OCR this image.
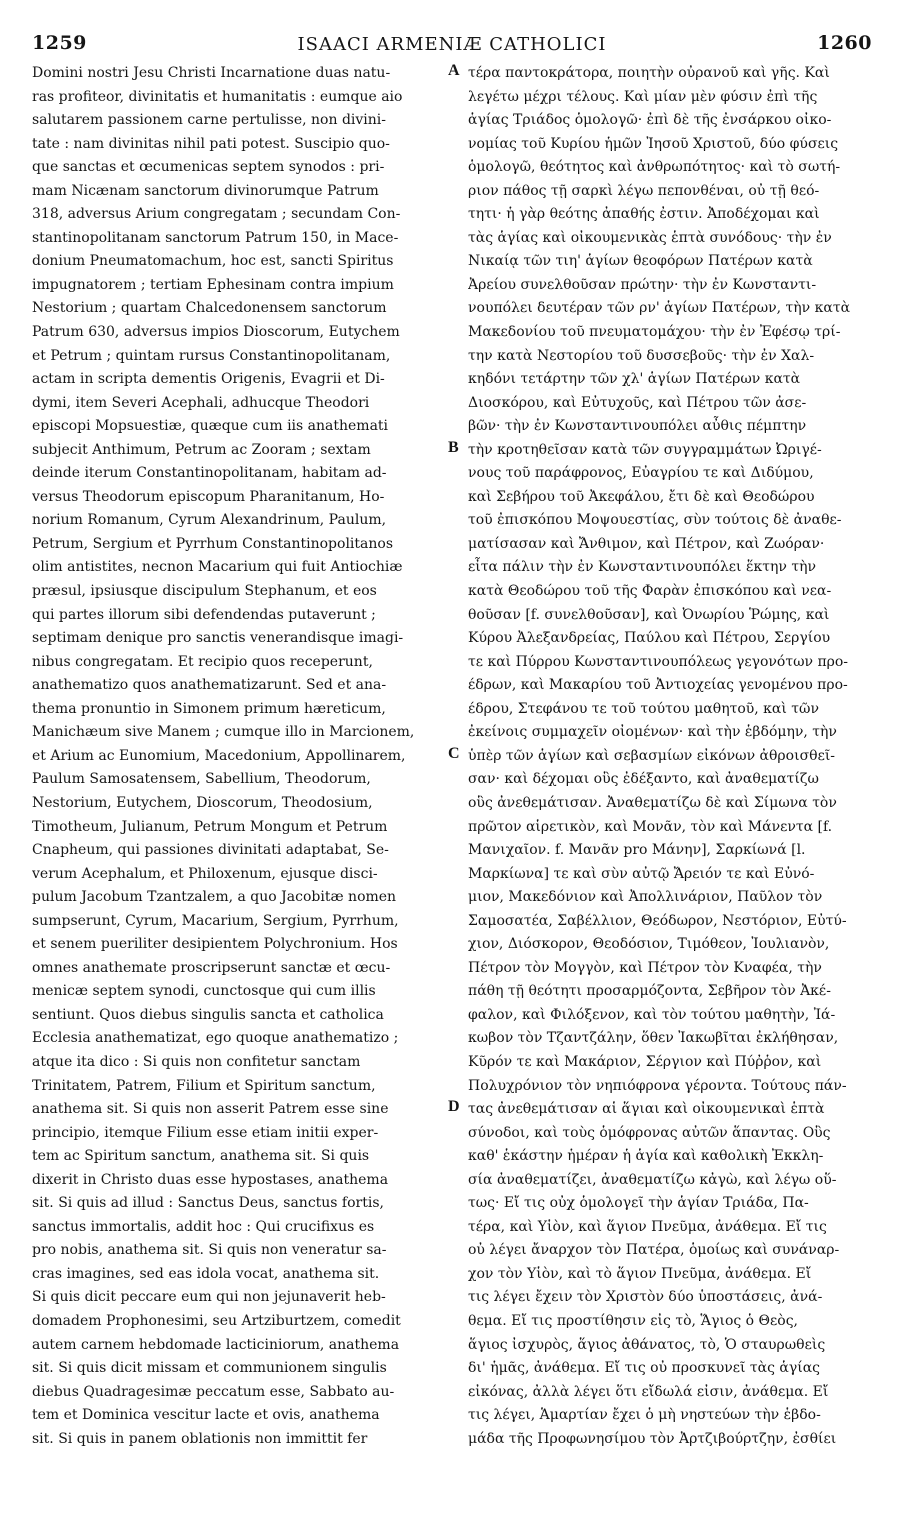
1259	ISAACI ARMENIÆ CATHOLICI	1260
Domini nostri Jesu Christi Incarnatione duas natu-
ras profiteor, divinitatis et humanitatis : eumque aio
salutarem passionem carne pertulisse, non divini-
tate : nam divinitas nihil pati potest. Suscipio quo-
que sanctas et œcumenicas septem synodos : pri-
mam Nicænam sanctorum divinorumque Patrum
318, adversus Arium congregatam ; secundam Con-
stantinopolitanam sanctorum Patrum 150, in Mace-
donium Pneumatomachum, hoc est, sancti Spiritus
impugnatorem ; tertiam Ephesinam contra impium
Nestorium ; quartam Chalcedonensem sanctorum
Patrum 630, adversus impios Dioscorum, Eutychem
et Petrum ; quintam rursus Constantinopolitanam,
actam in scripta dementis Origenis, Evagrii et Di-
dymi, item Severi Acephali, adhucque Theodori
episcopi Mopsuestiæ, quæque cum iis anathemati
subjecit Anthimum, Petrum ac Zooram ; sextam
deinde iterum Constantinopolitanam, habitam ad-
versus Theodorum episcopum Pharanitanum, Ho-
norium Romanum, Cyrum Alexandrinum, Paulum,
Petrum, Sergium et Pyrrhum Constantinopolitanos
olim antistites, necnon Macarium qui fuit Antiochiæ
præsul, ipsiusque discipulum Stephanum, et eos
qui partes illorum sibi defendendas putaverunt ;
septimam denique pro sanctis venerandisque imagi-
nibus congregatam. Et recipio quos receperunt,
anathematizo quos anathematizarunt. Sed et ana-
thema pronuntio in Simonem primum hæreticum,
Manichæum sive Manem ; cumque illo in Marcionem,
et Arium ac Eunomium, Macedonium, Appollinarem,
Paulum Samosatensem, Sabellium, Theodorum,
Nestorium, Eutychem, Dioscorum, Theodosium,
Timotheum, Julianum, Petrum Mongum et Petrum
Cnapheum, qui passiones divinitati adaptabat, Se-
verum Acephalum, et Philoxenum, ejusque disci-
pulum Jacobum Tzantzalem, a quo Jacobitæ nomen
sumpserunt, Cyrum, Macarium, Sergium, Pyrrhum,
et senem pueriliter desipientem Polychronium. Hos
omnes anathemate proscripserunt sanctæ et œcu-
menicæ septem synodi, cunctosque qui cum illis
sentiunt. Quos diebus singulis sancta et catholica
Ecclesia anathematizat, ego quoque anathematizo ;
atque ita dico : Si quis non confitetur sanctam
Trinitatem, Patrem, Filium et Spiritum sanctum,
anathema sit. Si quis non asserit Patrem esse sine
principio, itemque Filium esse etiam initii exper-
tem ac Spiritum sanctum, anathema sit. Si quis
dixerit in Christo duas esse hypostases, anathema
sit. Si quis ad illud : Sanctus Deus, sanctus fortis,
sanctus immortalis, addit hoc : Qui crucifixus es
pro nobis, anathema sit. Si quis non veneratur sa-
cras imagines, sed eas idola vocat, anathema sit.
Si quis dicit peccare eum qui non jejunaverit heb-
domadem Prophonesimi, seu Artziburtzem, comedit
autem carnem hebdomade lacticiniorum, anathema
sit. Si quis dicit missam et communionem singulis
diebus Quadragesimæ peccatum esse, Sabbato au-
tem et Dominica vescitur lacte et ovis, anathema
sit. Si quis in panem oblationis non immittit fer
τέρα παντοκράτορα, ποιητὴν οὐρανοῦ καὶ γῆς. Καὶ
λεγέτω μέχρι τέλους. Καὶ μίαν μὲν φύσιν ἐπὶ τῆς
ἁγίας Τριάδος ὁμολογῶ· ἐπὶ δὲ τῆς ἐνσάρκου οἰκο-
νομίας τοῦ Κυρίου ἡμῶν Ἰησοῦ Χριστοῦ, δύο φύσεις
ὁμολογῶ, θεότητος καὶ ἀνθρωπότητος· καὶ τὸ σωτή-
ριον πάθος τῇ σαρκὶ λέγω πεπονθέναι, οὐ τῇ θεό-
τητι· ἡ γὰρ θεότης ἀπαθής ἐστιν. Ἀποδέχομαι καὶ
τὰς ἁγίας καὶ οἰκουμενικὰς ἑπτὰ συνόδους· τὴν ἐν
Νικαίᾳ τῶν τιη' ἁγίων θεοφόρων Πατέρων κατὰ
Ἀρείου συνελθοῦσαν πρώτην· τὴν ἐν Κωνσταντι-
νουπόλει δευτέραν τῶν ρν' ἁγίων Πατέρων, τὴν κατὰ
Μακεδονίου τοῦ πνευματομάχου· τὴν ἐν Ἐφέσῳ τρί-
την κατὰ Νεστορίου τοῦ δυσσεβοῦς· τὴν ἐν Χαλ-
κηδόνι τετάρτην τῶν χλ' ἁγίων Πατέρων κατὰ
Διοσκόρου, καὶ Εὐτυχοῦς, καὶ Πέτρου τῶν ἀσε-
βῶν· τὴν ἐν Κωνσταντινουπόλει αὖθις πέμπτην
τὴν κροτηθεῖσαν κατὰ τῶν συγγραμμάτων Ὠριγέ-
νους τοῦ παράφρονος, Εὐαγρίου τε καὶ Διδύμου,
καὶ Σεβήρου τοῦ Ἀκεφάλου, ἔτι δὲ καὶ Θεοδώρου
τοῦ ἐπισκόπου Μοψουεστίας, σὺν τούτοις δὲ ἀναθε-
ματίσασαν καὶ Ἄνθιμον, καὶ Πέτρον, καὶ Ζωόραν·
εἶτα πάλιν τὴν ἐν Κωνσταντινουπόλει ἕκτην τὴν
κατὰ Θεοδώρου τοῦ τῆς Φαρὰν ἐπισκόπου καὶ νεα-
θοῦσαν [f. συνελθοῦσαν], καὶ Ὀνωρίου Ῥώμης, καὶ
Κύρου Ἀλεξανδρείας, Παύλου καὶ Πέτρου, Σεργίου
τε καὶ Πύρρου Κωνσταντινουπόλεως γεγονότων προ-
έδρων, καὶ Μακαρίου τοῦ Ἀντιοχείας γενομένου προ-
έδρου, Στεφάνου τε τοῦ τούτου μαθητοῦ, καὶ τῶν
ἐκείνοις συμμαχεῖν οἰομένων· καὶ τὴν ἑβδόμην, τὴν
ὑπὲρ τῶν ἁγίων καὶ σεβασμίων εἰκόνων ἀθροισθεῖ-
σαν· καὶ δέχομαι οὓς ἐδέξαντο, καὶ ἀναθεματίζω
οὓς ἀνεθεμάτισαν. Ἀναθεματίζω δὲ καὶ Σίμωνα τὸν
πρῶτον αἱρετικὸν, καὶ Μονᾶν, τὸν καὶ Μάνεντα [f.
Μανιχαῖον. f. Μανᾶν pro Μάνην], Σαρκίωνά [l.
Μαρκίωνα] τε καὶ σὺν αὐτῷ Ἄρειόν τε καὶ Εὐνό-
μιον, Μακεδόνιον καὶ Ἀπολλινάριον, Παῦλον τὸν
Σαμοσατέα, Σαβέλλιον, Θεόδωρον, Νεστόριον, Εὐτύ-
χιον, Διόσκορον, Θεοδόσιον, Τιμόθεον, Ἰουλιανὸν,
Πέτρον τὸν Μογγὸν, καὶ Πέτρον τὸν Κναφέα, τὴν
πάθη τῇ θεότητι προσαρμόζοντα, Σεβῆρον τὸν Ἀκέ-
φαλον, καὶ Φιλόξενον, καὶ τὸν τούτου μαθητὴν, Ἰά-
κωβον τὸν Τζαντζάλην, ὅθεν Ἰακωβῖται ἐκλήθησαν,
Κῦρόν τε καὶ Μακάριον, Σέργιον καὶ Πύῤῥον, καὶ
Πολυχρόνιον τὸν νηπιόφρονα γέροντα. Τούτους πάν-
τας ἀνεθεμάτισαν αἱ ἅγιαι καὶ οἰκουμενικαὶ ἑπτὰ
σύνοδοι, καὶ τοὺς ὁμόφρονας αὐτῶν ἅπαντας. Οὓς
καθ' ἑκάστην ἡμέραν ἡ ἁγία καὶ καθολικὴ Ἐκκλη-
σία ἀναθεματίζει, ἀναθεματίζω κἀγὼ, καὶ λέγω οὕ-
τως· Εἴ τις οὐχ ὁμολογεῖ τὴν ἁγίαν Τριάδα, Πα-
τέρα, καὶ Υἱὸν, καὶ ἅγιον Πνεῦμα, ἀνάθεμα. Εἴ τις
οὐ λέγει ἄναρχον τὸν Πατέρα, ὁμοίως καὶ συνάναρ-
χον τὸν Υἱὸν, καὶ τὸ ἅγιον Πνεῦμα, ἀνάθεμα. Εἴ
τις λέγει ἔχειν τὸν Χριστὸν δύο ὑποστάσεις, ἀνά-
θεμα. Εἴ τις προστίθησιν εἰς τὸ, Ἅγιος ὁ Θεὸς,
ἅγιος ἰσχυρὸς, ἅγιος ἀθάνατος, τὸ, Ὁ σταυρωθεὶς
δι' ἡμᾶς, ἀνάθεμα. Εἴ τις οὐ προσκυνεῖ τὰς ἁγίας
εἰκόνας, ἀλλὰ λέγει ὅτι εἴδωλά εἰσιν, ἀνάθεμα. Εἴ
τις λέγει, Ἁμαρτίαν ἔχει ὁ μὴ νηστεύων τὴν ἑβδο-
μάδα τῆς Προφωνησίμου τὸν Ἀρτζιβούρτζην, ἐσθίει
A
B
C
D
